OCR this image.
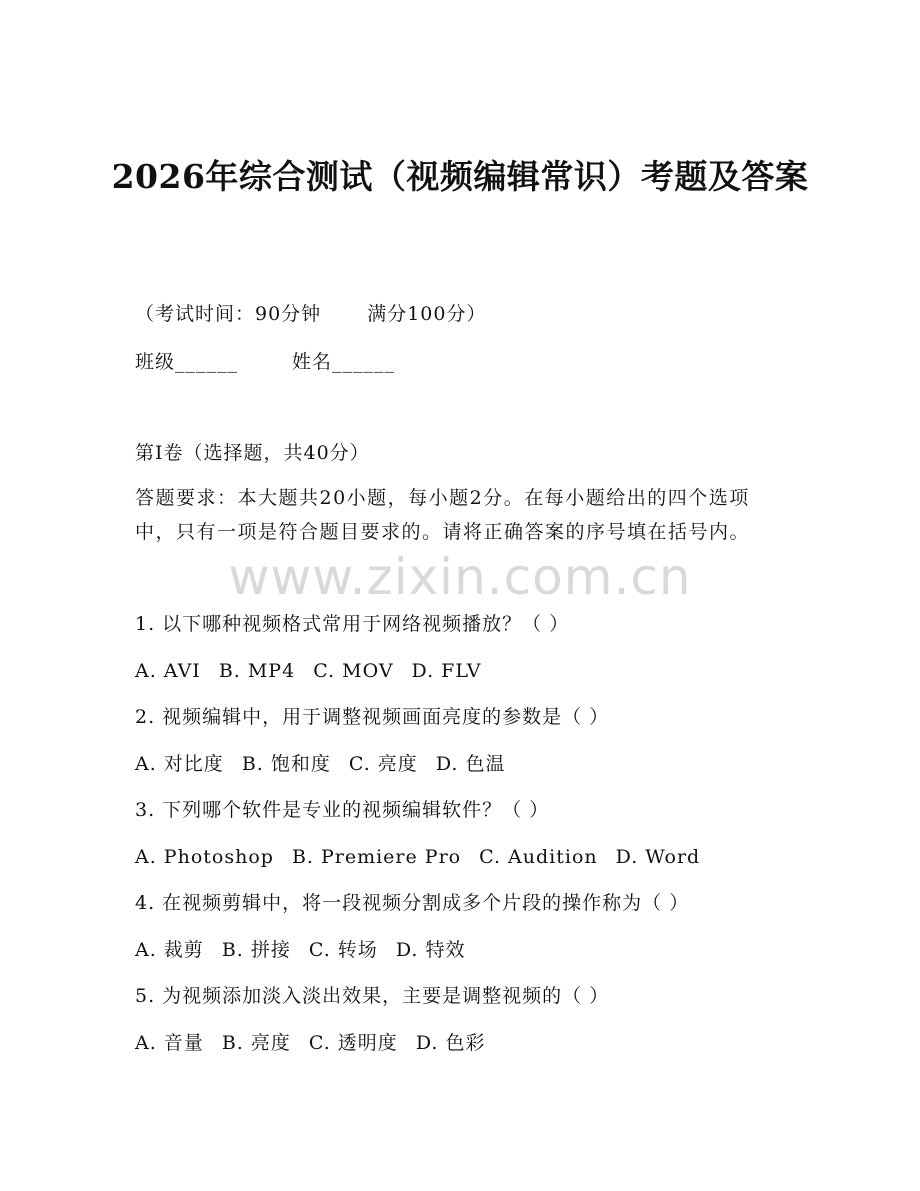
2026年综合测试（视频编辑常识）考题及答案

（考试时间：90分钟 满分100分）

班级______	姓名______

第I卷（选择题，共40分）

答题要求：本大题共20小题，每小题2分。在每小题给出的四个选项中，只有一项是符合题目要求的。请将正确答案的序号填在括号内。

www.zixin.com.cn

1. 以下哪种视频格式常用于网络视频播放？（ ）

A. AVI B. MP4 C. MOV D. FLV

2. 视频编辑中，用于调整视频画面亮度的参数是（ ）

A. 对比度 B. 饱和度 C. 亮度 D. 色温

3. 下列哪个软件是专业的视频编辑软件？（ ）

A. Photoshop B. Premiere Pro C. Audition D. Word

4. 在视频剪辑中，将一段视频分割成多个片段的操作称为（ ）

A. 裁剪 B. 拼接 C. 转场 D. 特效

5. 为视频添加淡入淡出效果，主要是调整视频的（ ）

A. 音量 B. 亮度 C. 透明度 D. 色彩
